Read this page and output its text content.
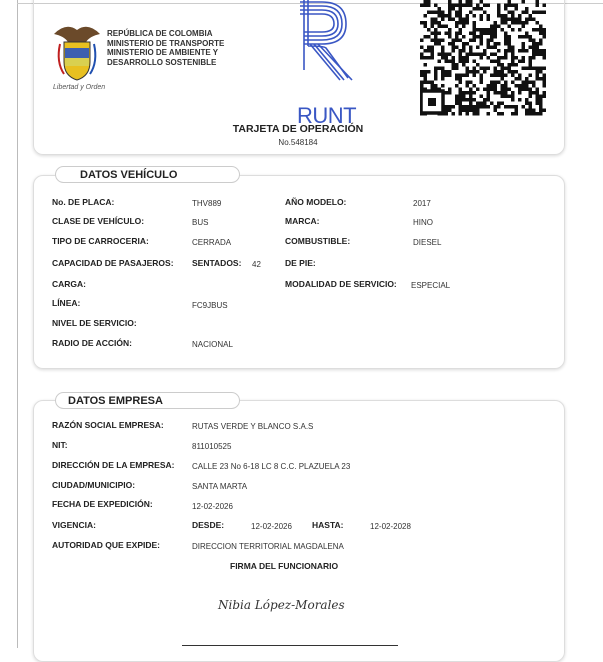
Libertad y Orden
REPÚBLICA DE COLOMBIA
MINISTERIO DE TRANSPORTE
MINISTERIO DE AMBIENTE Y
DESARROLLO SOSTENIBLE
RUNT
TARJETA DE OPERACIÓN
No.548184
DATOS VEHÍCULO
No. DE PLACA:	THV889
CLASE DE VEHÍCULO:	BUS
TIPO DE CARROCERIA:	CERRADA
CAPACIDAD DE PASAJEROS: SENTADOS: 42
CARGA:
LÍNEA:	FC9JBUS
NIVEL DE SERVICIO:
RADIO DE ACCIÓN:	NACIONAL
AÑO MODELO:	2017
MARCA:	HINO
COMBUSTIBLE:	DIESEL
DE PIE:
MODALIDAD DE SERVICIO: ESPECIAL
DATOS EMPRESA
RAZÓN SOCIAL EMPRESA:	RUTAS VERDE Y BLANCO S.A.S
NIT:	811010525
DIRECCIÓN DE LA EMPRESA: CALLE 23 No 6-18 LC 8 C.C. PLAZUELA 23
CIUDAD/MUNICIPIO:	SANTA MARTA
FECHA DE EXPEDICIÓN:	12-02-2026
VIGENCIA:	DESDE:	12-02-2026 HASTA:	12-02-2028
AUTORIDAD QUE EXPIDE:	DIRECCION TERRITORIAL MAGDALENA
FIRMA DEL FUNCIONARIO
Nibia López-Morales
